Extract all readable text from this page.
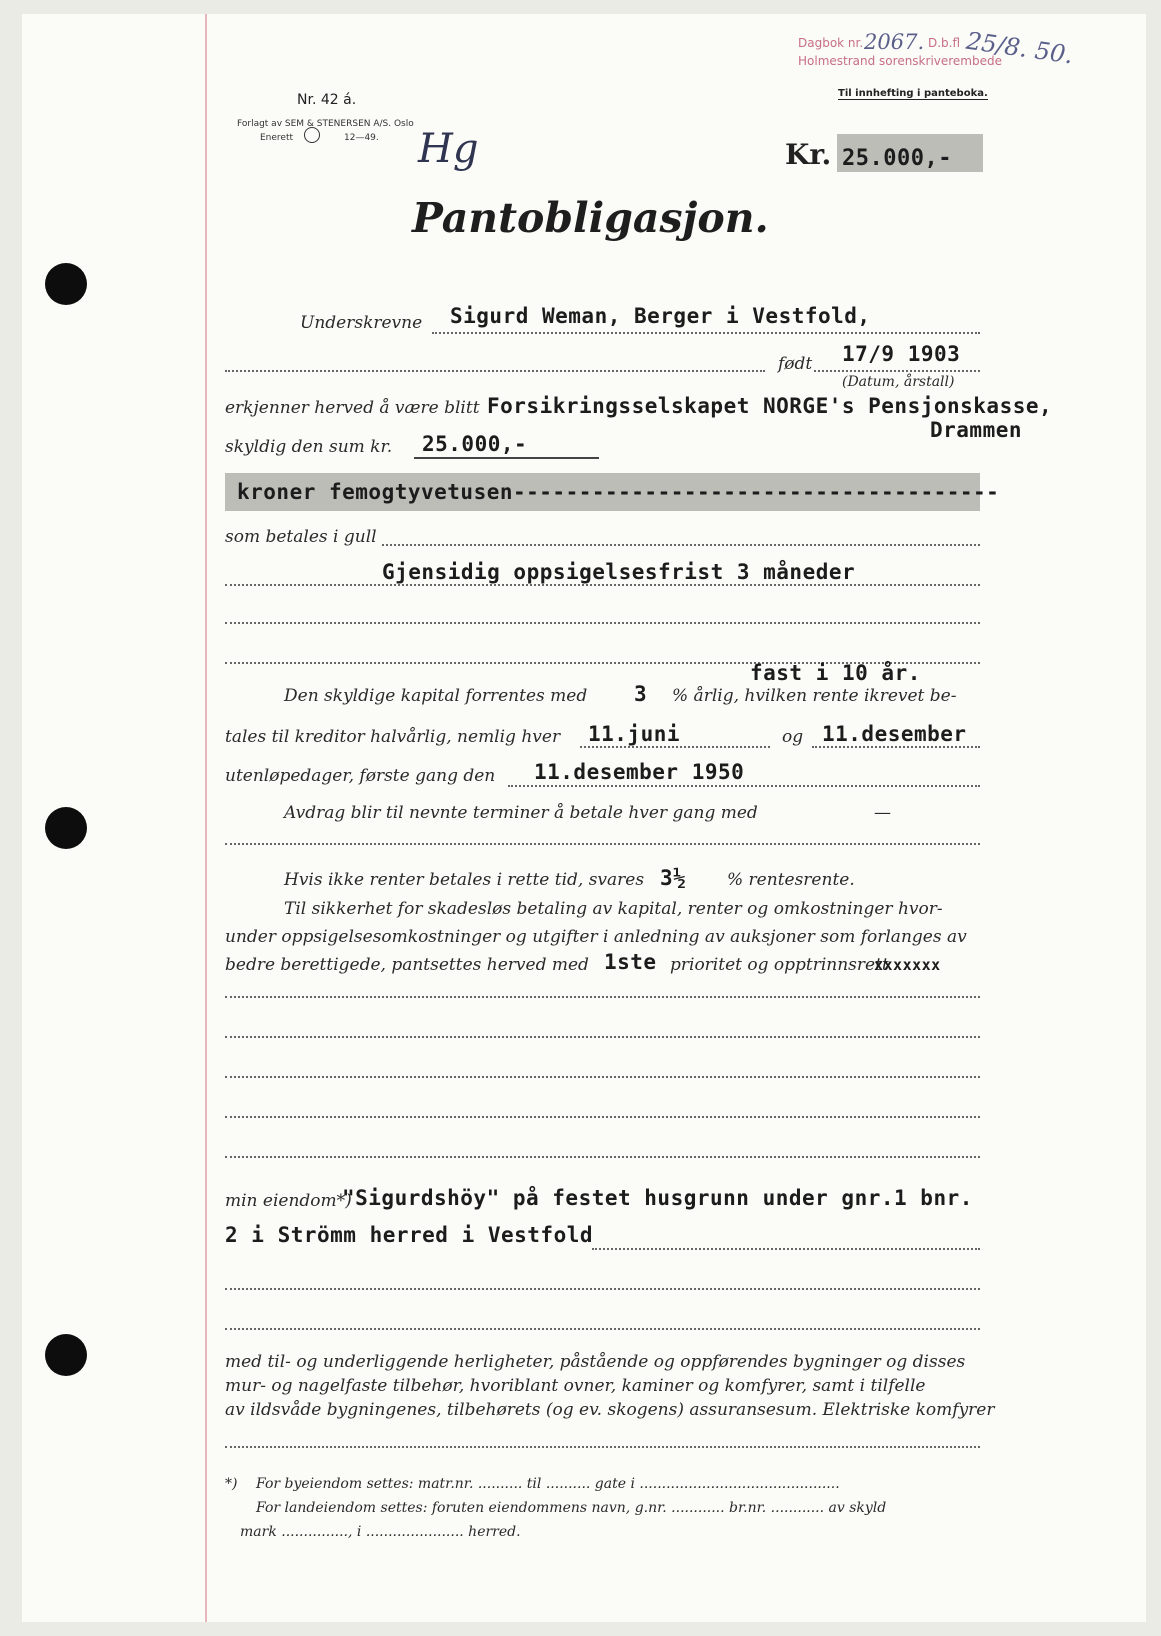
Nr. 42 á.
Forlagt av SEM & STENERSEN A/S. Oslo
Enerett	12—49. Hg
Dagbok nr. 2067. D.b.fl 25/8. 50.
Holmestrand sorenskriverembede
Til innhefting i panteboka.
Kr. 25.000,-
Pantobligasjon.
Underskrevne Sigurd Weman, Berger i Vestfold,
født 17/9 1903
(Datum, årstall)
erkjenner herved å være blitt Forsikringsselskapet NORGE's Pensjonskasse,
Drammen
skyldig den sum kr. 25.000,-
kroner femogtyvetusen-------------------------------------
som betales i gull
Gjensidig oppsigelsesfrist 3 måneder
Den skyldige kapital forrentes med 3 % årlig, hvilken rente ikrevet be-
fast i 10 år.
tales til kreditor halvårlig, nemlig hver 11.juni	og 11.desember
utenløpedager, første gang den 11.desember 1950
Avdrag blir til nevnte terminer å betale hver gang med	—
Hvis ikke renter betales i rette tid, svares 3½ % rentesrente.
Til sikkerhet for skadesløs betaling av kapital, renter og omkostninger hvor-
under oppsigelsesomkostninger og utgifter i anledning av auksjoner som forlanges av
bedre berettigede, pantsettes herved med 1ste prioritet og opptrinnsrett
xxxxxxx
min eiendom*)
"Sigurdshöy" på festet husgrunn under gnr.1 bnr.
2 i Strömm herred i Vestfold
med til- og underliggende herligheter, påstående og oppførendes bygninger og disses
mur- og nagelfaste tilbehør, hvoriblant ovner, kaminer og komfyrer, samt i tilfelle
av ildsvåde bygningenes, tilbehørets (og ev. skogens) assuransesum. Elektriske komfyrer
*) For byeiendom settes: matr.nr. .......... til .......... gate i .............................................
For landeiendom settes: foruten eiendommens navn, g.nr. ............ br.nr. ............ av skyld
mark ..............., i ...................... herred.
